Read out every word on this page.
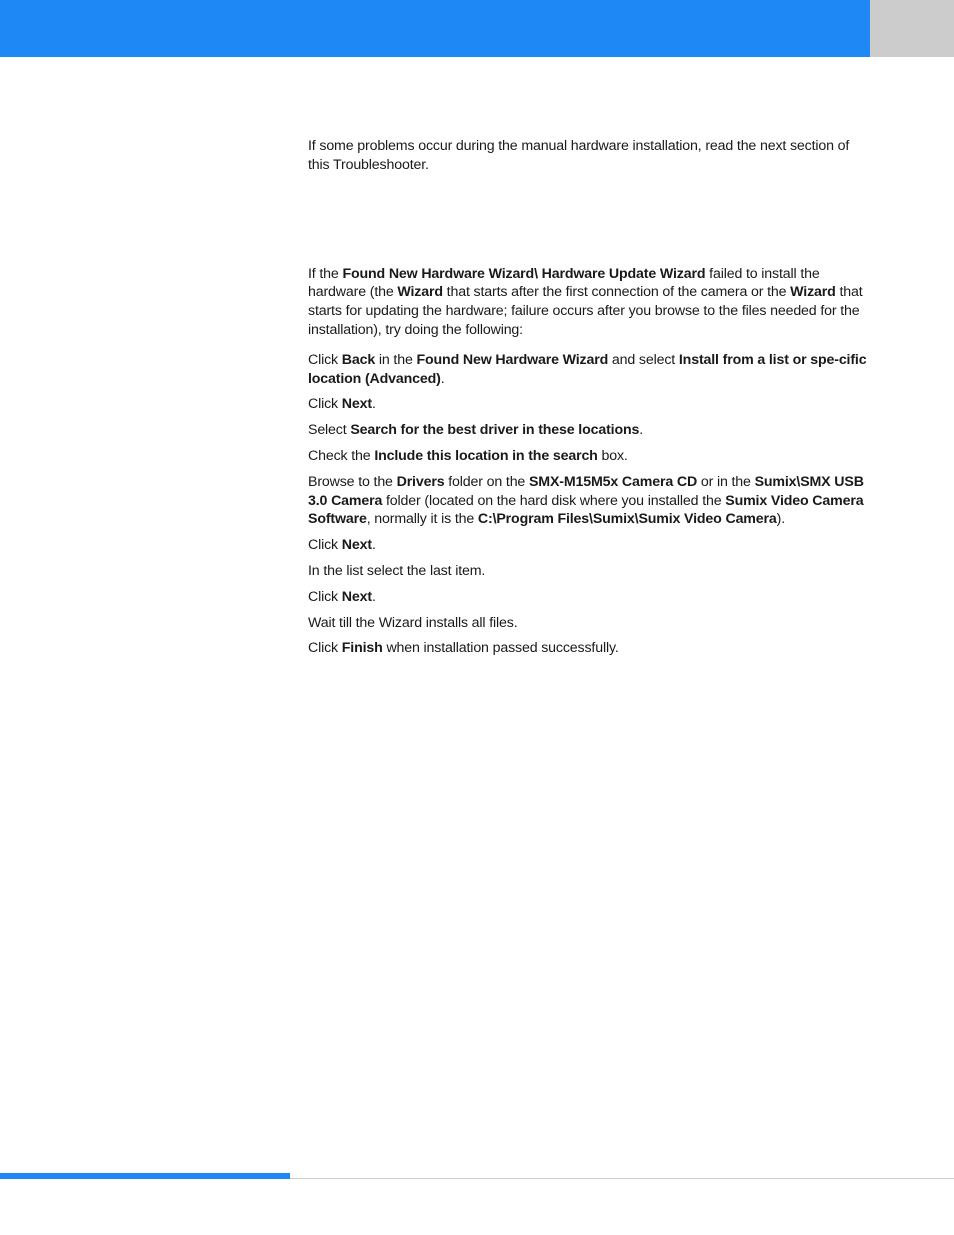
If some problems occur during the manual hardware installation, read the next section of this Troubleshooter.

If the Found New Hardware Wizard\ Hardware Update Wizard failed to install the hardware (the Wizard that starts after the first connection of the camera or the Wizard that starts for updating the hardware; failure occurs after you browse to the files needed for the installation), try doing the following:

Click Back in the Found New Hardware Wizard and select Install from a list or spe-cific location (Advanced).

Click Next.

Select Search for the best driver in these locations.

Check the Include this location in the search box.

Browse to the Drivers folder on the SMX-M15M5x Camera CD or in the Sumix\SMX USB 3.0 Camera folder (located on the hard disk where you installed the Sumix Video Camera Software, normally it is the C:\Program Files\Sumix\Sumix Video Camera).

Click Next.

In the list select the last item.

Click Next.

Wait till the Wizard installs all files.

Click Finish when installation passed successfully.
